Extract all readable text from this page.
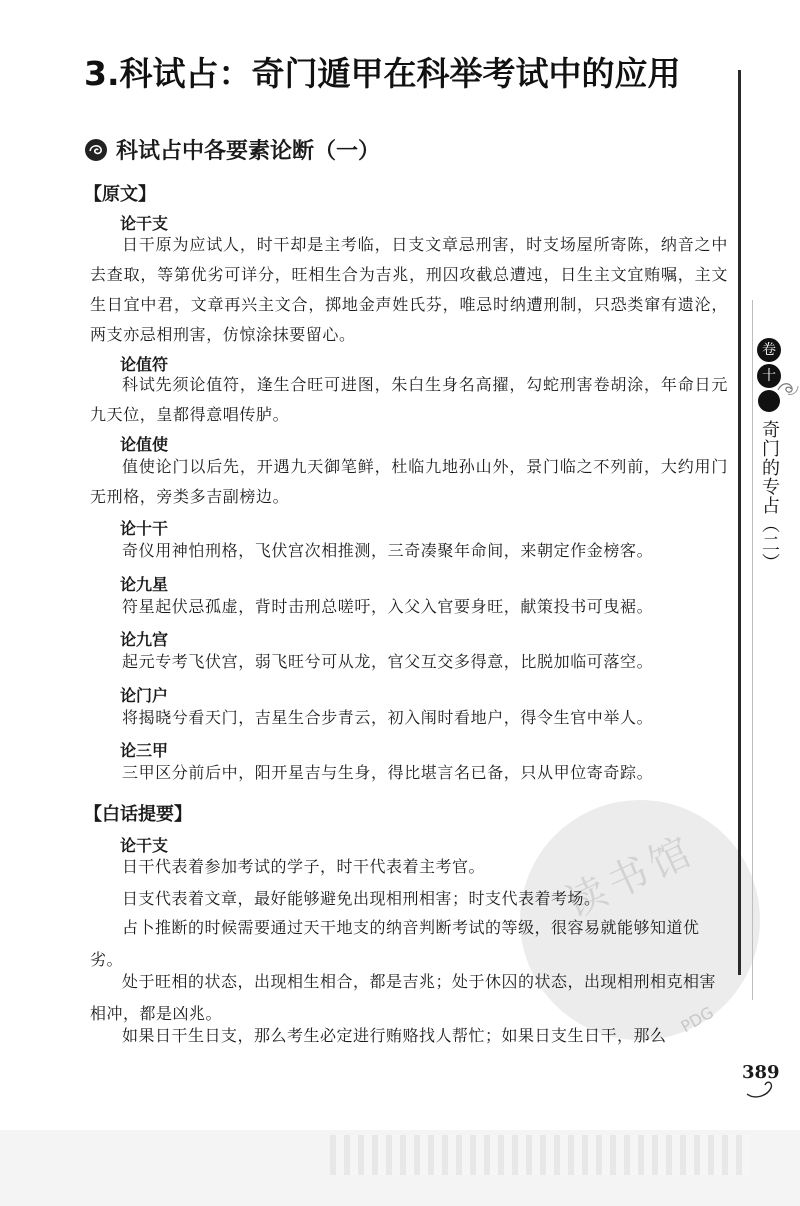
读书馆
PDG
卷
十
奇门的专占（二）
3.科试占：奇门遁甲在科举考试中的应用
科试占中各要素论断（一）
【原文】
论干支
日干原为应试人，时干却是主考临，日支文章忌刑害，时支场屋所寄陈，纳音之中去查取，等第优劣可详分，旺相生合为吉兆，刑囚攻截总遭迍，日生主文宜贿嘱，主文生日宜中君，文章再兴主文合，掷地金声姓氏芬，唯忌时纳遭刑制，只恐类窜有遗沦，两支亦忌相刑害，仿惊涂抹要留心。
论值符
科试先须论值符，逢生合旺可进图，朱白生身名高擢，勾蛇刑害卷胡涂，年命日元九天位，皇都得意唱传胪。
论值使
值使论门以后先，开遇九天御笔鲜，杜临九地孙山外，景门临之不列前，大约用门无刑格，旁类多吉副榜边。
论十干
奇仪用神怕刑格，飞伏宫次相推测，三奇凑聚年命间，来朝定作金榜客。
论九星
符星起伏忌孤虚，背时击刑总嗟吁，入父入官要身旺，献策投书可曳裾。
论九宫
起元专考飞伏宫，弱飞旺兮可从龙，官父互交多得意，比脱加临可落空。
论门户
将揭晓兮看天门，吉星生合步青云，初入闱时看地户，得令生官中举人。
论三甲
三甲区分前后中，阳开星吉与生身，得比堪言名已备，只从甲位寄奇踪。
【白话提要】
论干支
日干代表着参加考试的学子，时干代表着主考官。
日支代表着文章，最好能够避免出现相刑相害；时支代表着考场。
占卜推断的时候需要通过天干地支的纳音判断考试的等级，很容易就能够知道优劣。
处于旺相的状态，出现相生相合，都是吉兆；处于休囚的状态，出现相刑相克相害相冲，都是凶兆。
如果日干生日支，那么考生必定进行贿赂找人帮忙；如果日支生日干，那么
389
